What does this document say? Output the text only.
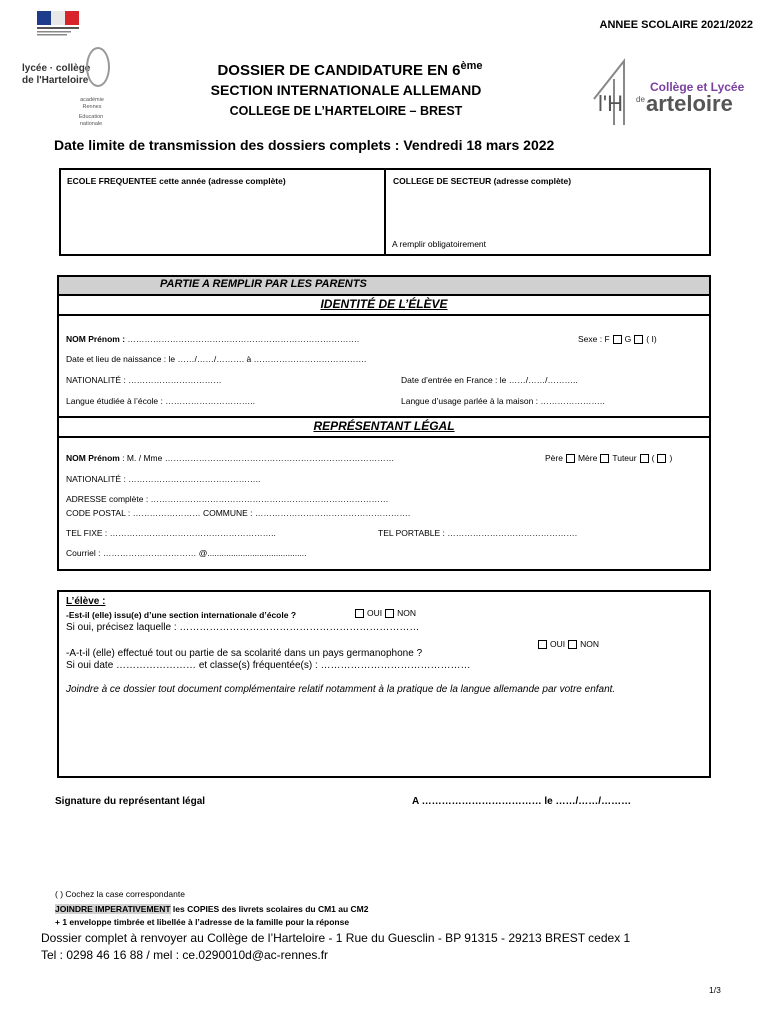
ANNEE SCOLAIRE 2021/2022
lycée · collège
de l'Harteloire
académie Rennes
Education nationale
DOSSIER DE CANDIDATURE EN 6ème
SECTION INTERNATIONALE ALLEMAND
COLLEGE DE L’HARTELOIRE – BREST
Collège et Lycée
l'H de arteloire
Date limite de transmission des dossiers complets : Vendredi 18 mars 2022
ECOLE FREQUENTEE cette année (adresse complète)	COLLEGE DE SECTEUR (adresse complète)
A remplir obligatoirement
PARTIE A REMPLIR PAR LES PARENTS
IDENTITÉ DE L’ÉLÈVE
NOM Prénom : ……………………………………………………………………….	Sexe : F G ( I)
Date et lieu de naissance : le ……/……/………. à ………………………………….
NATIONALITÉ : ……………………………	Date d’entrée en France : le ……/……/………..
Langue étudiée à l’école : …………………………..	Langue d’usage parlée à la maison : …………………..
REPRÉSENTANT LÉGAL
NOM Prénom : M. / Mme ………………………………………………………………………	Père Mère Tuteur ( )
NATIONALITÉ : ………………………………………..
ADRESSE complète : …………………………………………………………………………
CODE POSTAL : …………………… COMMUNE : ……………………………………………….
TEL FIXE : …………………………………………………..	TEL PORTABLE : ……………………………………….
Courriel : …………………………… @..........................................
L’élève :
-Est-il (elle) issu(e) d’une section internationale d’école ?	OUI NON
Si oui, précisez laquelle : ………………………………………………………………
OUI NON
-A-t-il (elle) effectué tout ou partie de sa scolarité dans un pays germanophone ?
Si oui date …………………… et classe(s) fréquentée(s) : ………………………………………
Joindre à ce dossier tout document complémentaire relatif notamment à la pratique de la langue allemande par votre enfant.
Signature du représentant légal	A ……………………………… le ……/……/………
( ) Cochez la case correspondante
JOINDRE IMPERATIVEMENT les COPIES des livrets scolaires du CM1 au CM2
+ 1 enveloppe timbrée et libellée à l’adresse de la famille pour la réponse
Dossier complet à renvoyer au Collège de l’Harteloire - 1 Rue du Guesclin - BP 91315 - 29213 BREST cedex 1
Tel : 0298 46 16 88 / mel : ce.0290010d@ac-rennes.fr
1/3
